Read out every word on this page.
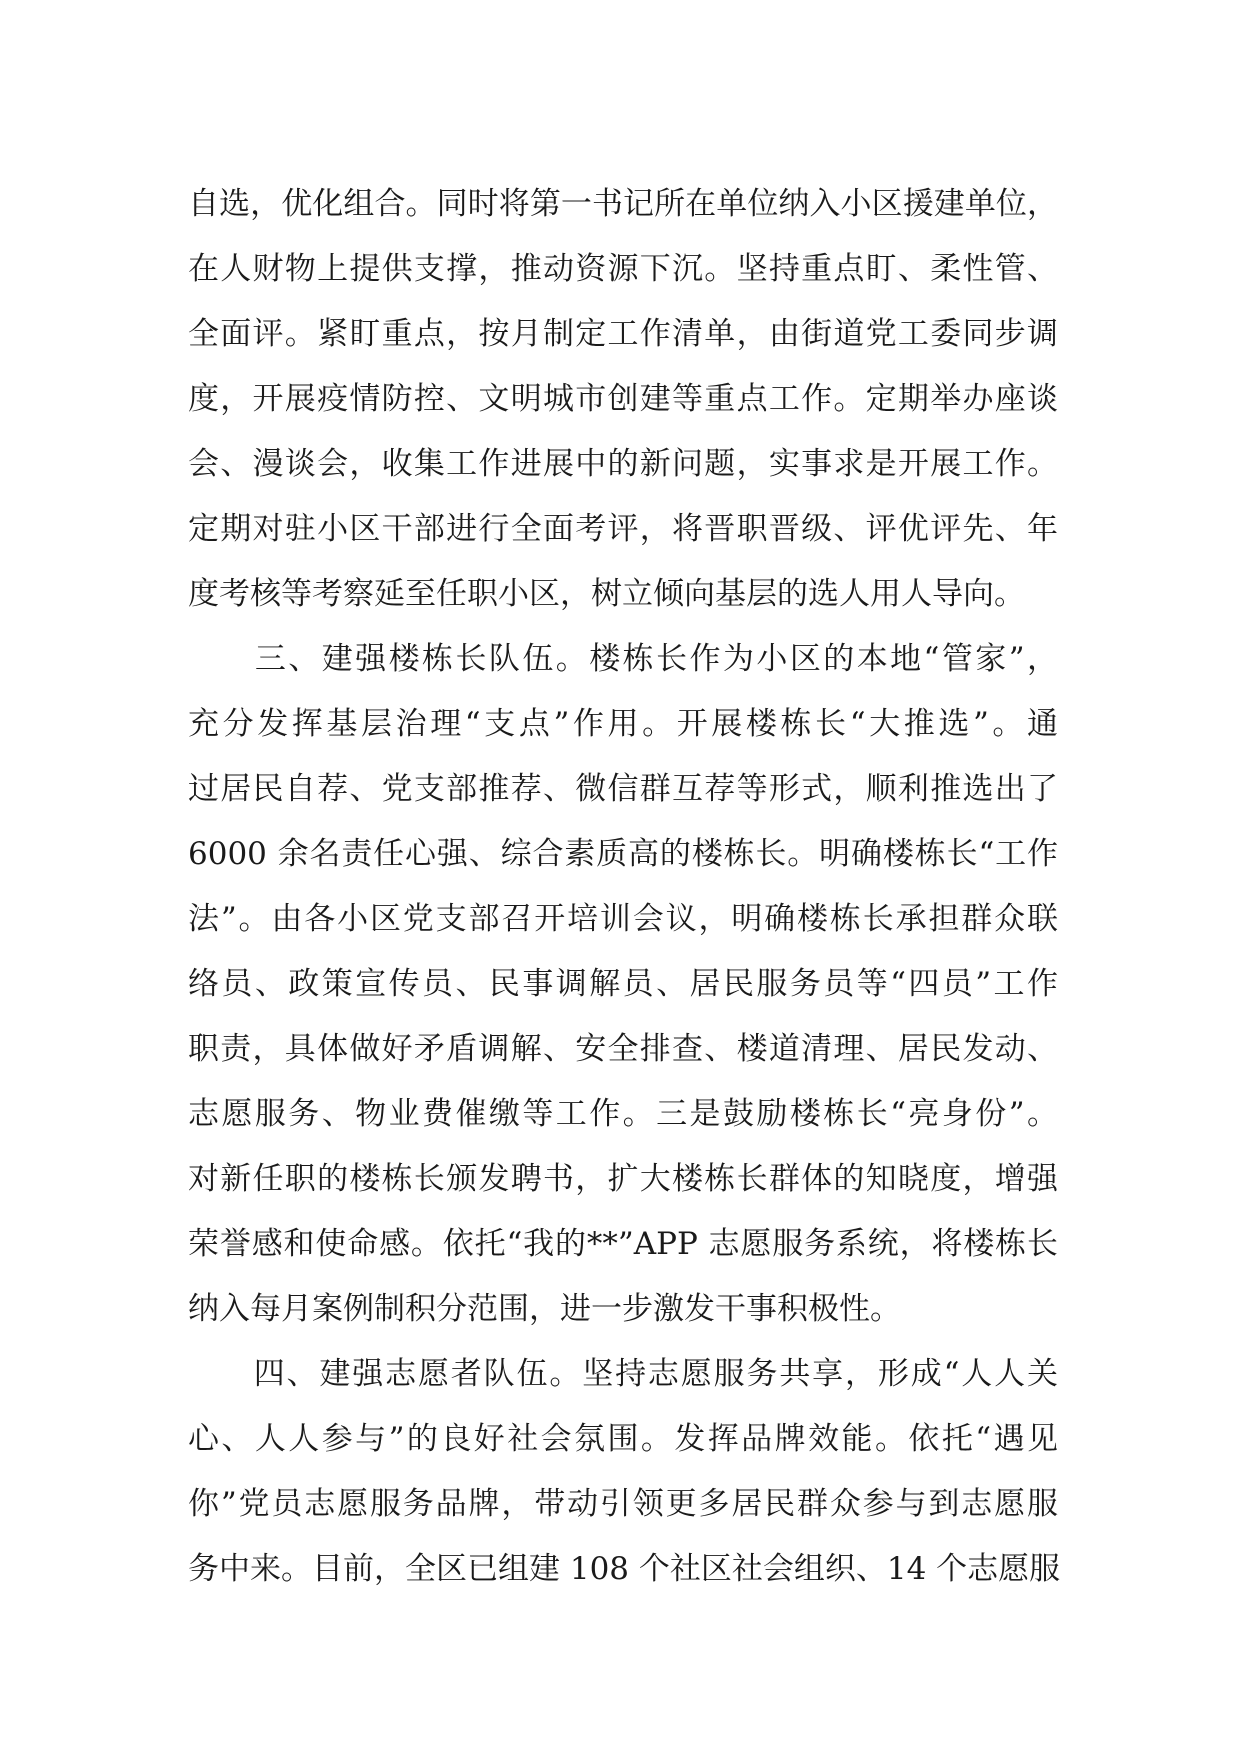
自选，优化组合。同时将第一书记所在单位纳入小区援建单位，
在人财物上提供支撑，推动资源下沉。坚持重点盯、柔性管、
全面评。紧盯重点，按月制定工作清单，由街道党工委同步调
度，开展疫情防控、文明城市创建等重点工作。定期举办座谈
会、漫谈会，收集工作进展中的新问题，实事求是开展工作。
定期对驻小区干部进行全面考评，将晋职晋级、评优评先、年
度考核等考察延至任职小区，树立倾向基层的选人用人导向。
　　三、建强楼栋长队伍。楼栋长作为小区的本地“管家”，
充分发挥基层治理“支点”作用。开展楼栋长“大推选”。通
过居民自荐、党支部推荐、微信群互荐等形式，顺利推选出了
6000 余名责任心强、综合素质高的楼栋长。明确楼栋长“工作
法”。由各小区党支部召开培训会议，明确楼栋长承担群众联
络员、政策宣传员、民事调解员、居民服务员等“四员”工作
职责，具体做好矛盾调解、安全排查、楼道清理、居民发动、
志愿服务、物业费催缴等工作。三是鼓励楼栋长“亮身份”。
对新任职的楼栋长颁发聘书，扩大楼栋长群体的知晓度，增强
荣誉感和使命感。依托“我的**”APP 志愿服务系统，将楼栋长
纳入每月案例制积分范围，进一步激发干事积极性。
　　四、建强志愿者队伍。坚持志愿服务共享，形成“人人关
心、人人参与”的良好社会氛围。发挥品牌效能。依托“遇见
你”党员志愿服务品牌，带动引领更多居民群众参与到志愿服
务中来。目前，全区已组建 108 个社区社会组织、14 个志愿服
